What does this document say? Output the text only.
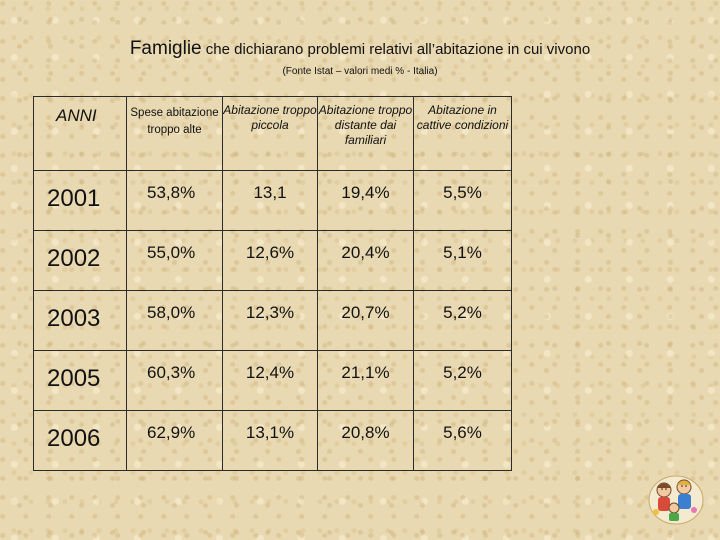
Famiglie che dichiarano problemi relativi all’abitazione in cui vivono
(Fonte Istat – valori medi % - Italia)
ANNI	Spese abitazione troppo alte	Abitazione troppo piccola	Abitazione troppo distante dai familiari	Abitazione in cattive condizioni
2001	53,8%	13,1	19,4%	5,5%
2002	55,0%	12,6%	20,4%	5,1%
2003	58,0%	12,3%	20,7%	5,2%
2005	60,3%	12,4%	21,1%	5,2%
2006	62,9%	13,1%	20,8%	5,6%
